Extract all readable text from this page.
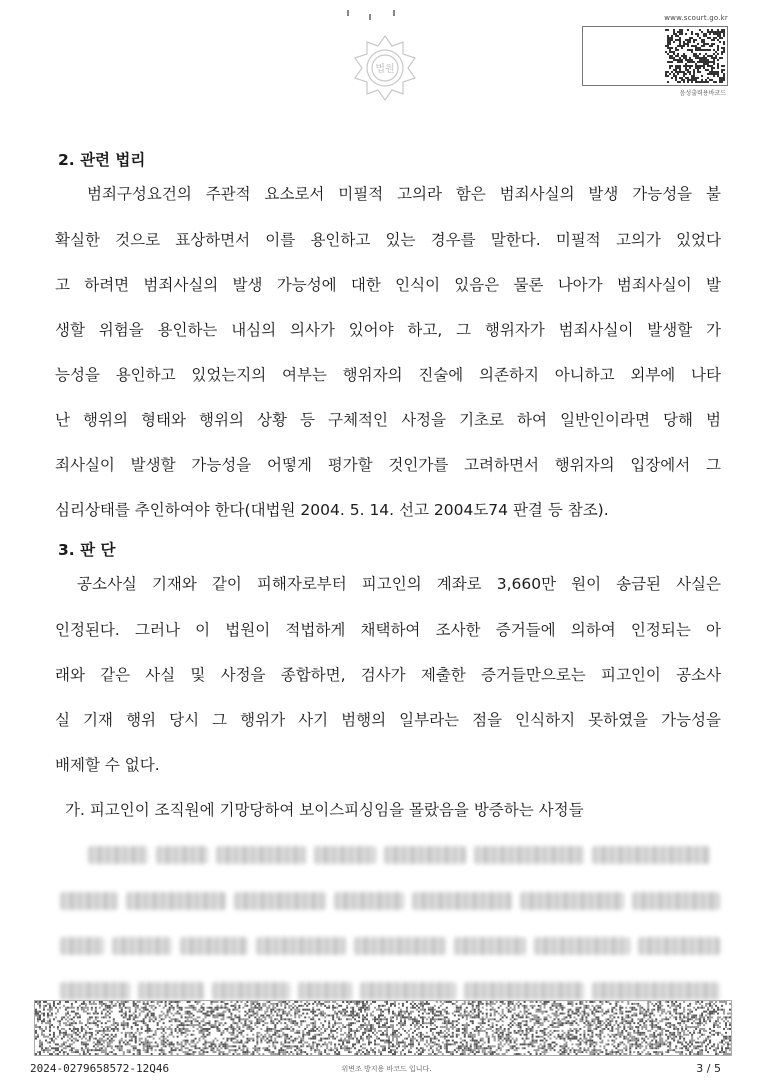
법원
www.scourt.go.kr
음성출력용바코드
2. 관련 법리
범죄구성요건의 주관적 요소로서 미필적 고의라 함은 범죄사실의 발생 가능성을 불
확실한 것으로 표상하면서 이를 용인하고 있는 경우를 말한다. 미필적 고의가 있었다
고 하려면 범죄사실의 발생 가능성에 대한 인식이 있음은 물론 나아가 범죄사실이 발
생할 위험을 용인하는 내심의 의사가 있어야 하고, 그 행위자가 범죄사실이 발생할 가
능성을 용인하고 있었는지의 여부는 행위자의 진술에 의존하지 아니하고 외부에 나타
난 행위의 형태와 행위의 상황 등 구체적인 사정을 기초로 하여 일반인이라면 당해 범
죄사실이 발생할 가능성을 어떻게 평가할 것인가를 고려하면서 행위자의 입장에서 그
심리상태를 추인하여야 한다(대법원 2004. 5. 14. 선고 2004도74 판결 등 참조).
3. 판 단
공소사실 기재와 같이 피해자로부터 피고인의 계좌로 3,660만 원이 송금된 사실은
인정된다. 그러나 이 법원이 적법하게 채택하여 조사한 증거들에 의하여 인정되는 아
래와 같은 사실 및 사정을 종합하면, 검사가 제출한 증거들만으로는 피고인이 공소사
실 기재 행위 당시 그 행위가 사기 범행의 일부라는 점을 인식하지 못하였을 가능성을
배제할 수 없다.
가. 피고인이 조직원에 기망당하여 보이스피싱임을 몰랐음을 방증하는 사정들
2024-0279658572-12Q46	위변조 방지용 바코드 입니다.	3 / 5
